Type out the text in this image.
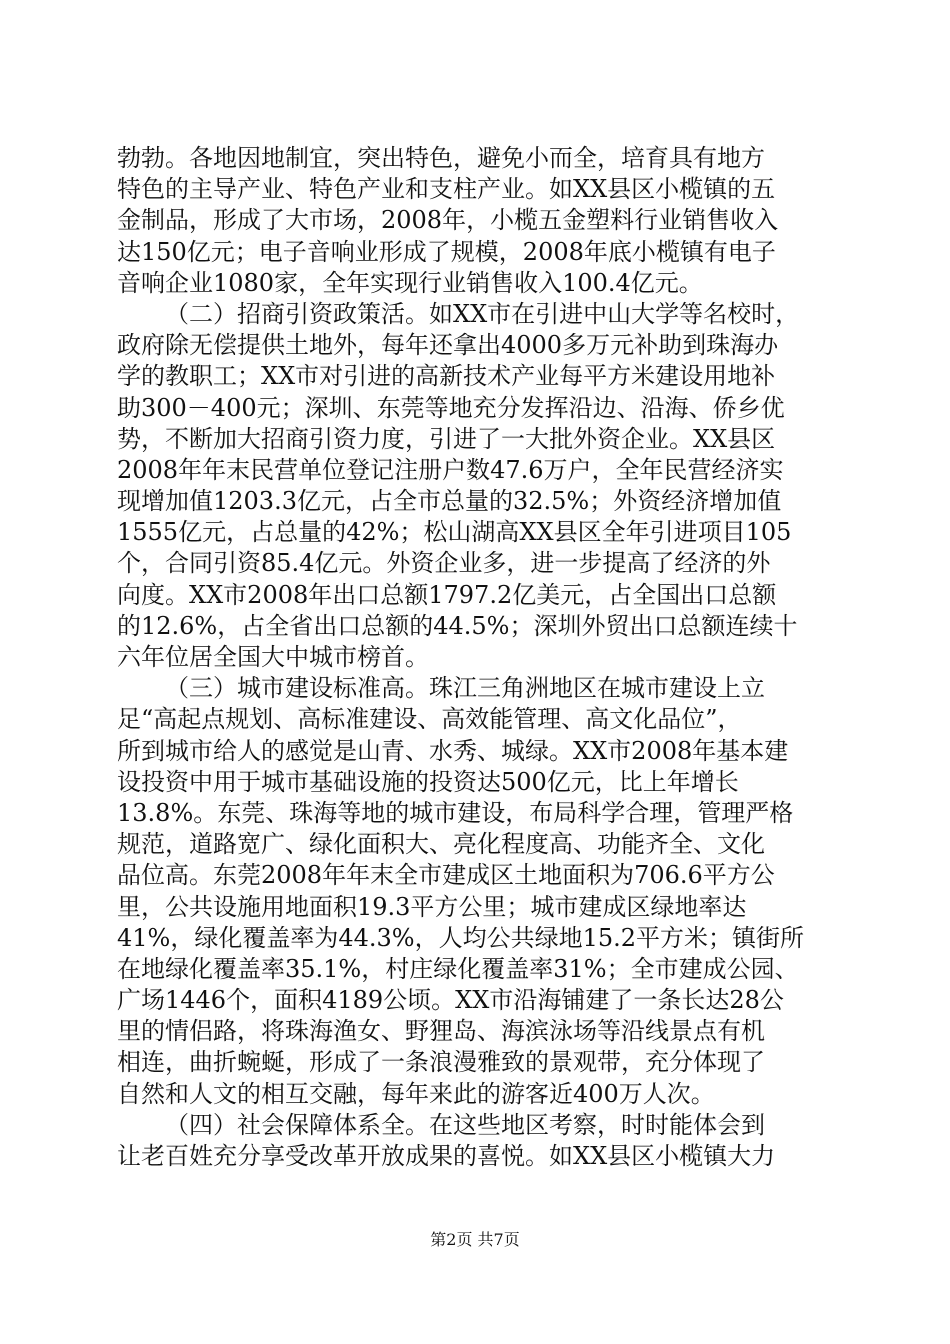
勃勃。各地因地制宜，突出特色，避免小而全，培育具有地方
特色的主导产业、特色产业和支柱产业。如XX县区小榄镇的五
金制品，形成了大市场，2008年，小榄五金塑料行业销售收入
达150亿元；电子音响业形成了规模，2008年底小榄镇有电子
音响企业1080家，全年实现行业销售收入100.4亿元。
（二）招商引资政策活。如XX市在引进中山大学等名校时，
政府除无偿提供土地外，每年还拿出4000多万元补助到珠海办
学的教职工；XX市对引进的高新技术产业每平方米建设用地补
助300－400元；深圳、东莞等地充分发挥沿边、沿海、侨乡优
势，不断加大招商引资力度，引进了一大批外资企业。XX县区
2008年年末民营单位登记注册户数47.6万户，全年民营经济实
现增加值1203.3亿元，占全市总量的32.5%；外资经济增加值
1555亿元，占总量的42%；松山湖高XX县区全年引进项目105
个，合同引资85.4亿元。外资企业多，进一步提高了经济的外
向度。XX市2008年出口总额1797.2亿美元，占全国出口总额
的12.6%，占全省出口总额的44.5%；深圳外贸出口总额连续十
六年位居全国大中城市榜首。
（三）城市建设标准高。珠江三角洲地区在城市建设上立
足“高起点规划、高标准建设、高效能管理、高文化品位”，
所到城市给人的感觉是山青、水秀、城绿。XX市2008年基本建
设投资中用于城市基础设施的投资达500亿元，比上年增长
13.8%。东莞、珠海等地的城市建设，布局科学合理，管理严格
规范，道路宽广、绿化面积大、亮化程度高、功能齐全、文化
品位高。东莞2008年年末全市建成区土地面积为706.6平方公
里，公共设施用地面积19.3平方公里；城市建成区绿地率达
41%，绿化覆盖率为44.3%，人均公共绿地15.2平方米；镇街所
在地绿化覆盖率35.1%，村庄绿化覆盖率31%；全市建成公园、
广场1446个，面积4189公顷。XX市沿海铺建了一条长达28公
里的情侣路，将珠海渔女、野狸岛、海滨泳场等沿线景点有机
相连，曲折蜿蜒，形成了一条浪漫雅致的景观带，充分体现了
自然和人文的相互交融，每年来此的游客近400万人次。
（四）社会保障体系全。在这些地区考察，时时能体会到
让老百姓充分享受改革开放成果的喜悦。如XX县区小榄镇大力
第2页 共7页
